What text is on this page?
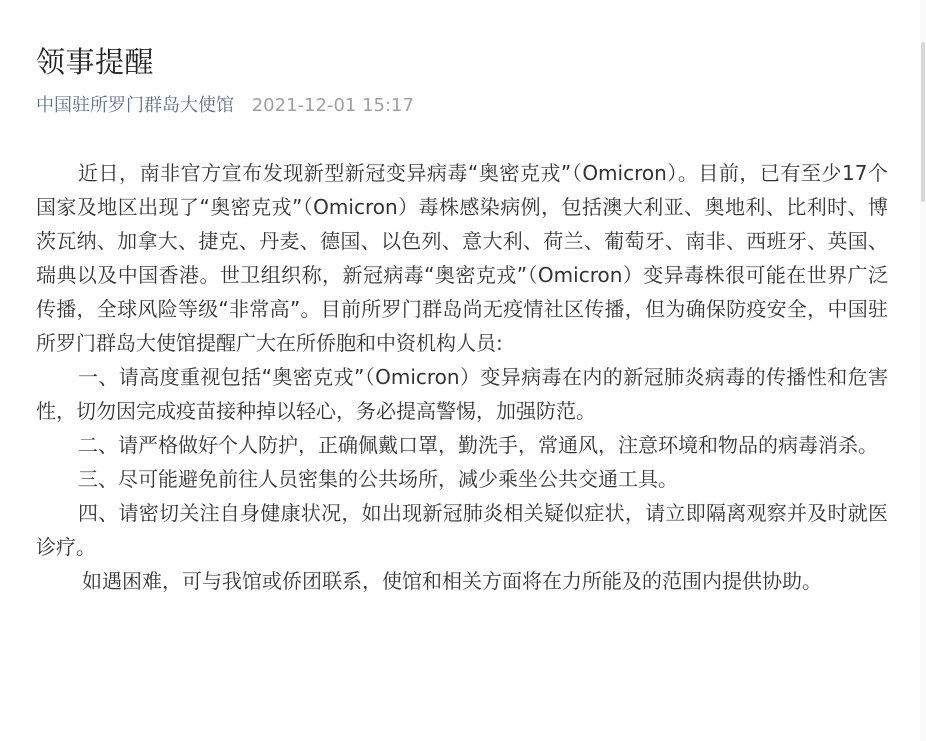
领事提醒
中国驻所罗门群岛大使馆 2021-12-01 15:17

近日，南非官方宣布发现新型新冠变异病毒“奥密克戎”（Omicron）。目前，已有至少17个国家及地区出现了“奥密克戎”（Omicron）毒株感染病例，包括澳大利亚、奥地利、比利时、博茨瓦纳、加拿大、捷克、丹麦、德国、以色列、意大利、荷兰、葡萄牙、南非、西班牙、英国、瑞典以及中国香港。世卫组织称，新冠病毒“奥密克戎”（Omicron）变异毒株很可能在世界广泛传播，全球风险等级“非常高”。目前所罗门群岛尚无疫情社区传播，但为确保防疫安全，中国驻所罗门群岛大使馆提醒广大在所侨胞和中资机构人员:

一、请高度重视包括“奥密克戎”（Omicron）变异病毒在内的新冠肺炎病毒的传播性和危害性，切勿因完成疫苗接种掉以轻心，务必提高警惕，加强防范。

二、请严格做好个人防护，正确佩戴口罩，勤洗手，常通风，注意环境和物品的病毒消杀。

三、尽可能避免前往人员密集的公共场所，减少乘坐公共交通工具。

四、请密切关注自身健康状况，如出现新冠肺炎相关疑似症状，请立即隔离观察并及时就医诊疗。

如遇困难，可与我馆或侨团联系，使馆和相关方面将在力所能及的范围内提供协助。
